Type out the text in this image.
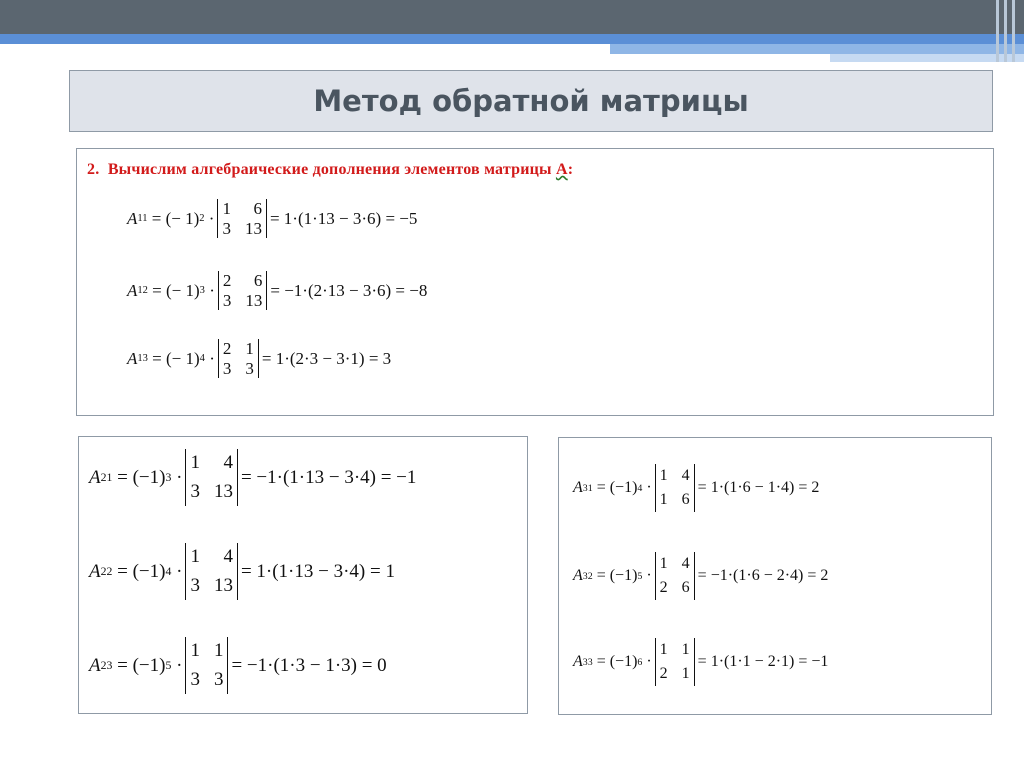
Метод обратной матрицы
2. Вычислим алгебраические дополнения элементов матрицы А:
A 11
= (− 1) 2
·
1	6
3 13
= 1·(1·13 − 3·6) = −5
A 12
= (− 1) 3
·
2	6
3 13
= −1·(2·13 − 3·6) = −8
A 13
= (− 1) 4
·
2 1
3 3
= 1·(2·3 − 3·1) = 3
A 21
= (−1) 3
·
1	4
3 13
= −1·(1·13 − 3·4) = −1
A 22
= (−1) 4
·
1	4
3 13
= 1·(1·13 − 3·4) = 1
A 23
= (−1) 5
·
1 1
3 3
= −1·(1·3 − 1·3) = 0
A 31
= (−1) 4
·
1 4
1 6
= 1·(1·6 − 1·4) = 2
A 32
= (−1) 5
·
1 4
2 6
= −1·(1·6 − 2·4) = 2
A 33
= (−1) 6
·
1 1
2 1
= 1·(1·1 − 2·1) = −1
